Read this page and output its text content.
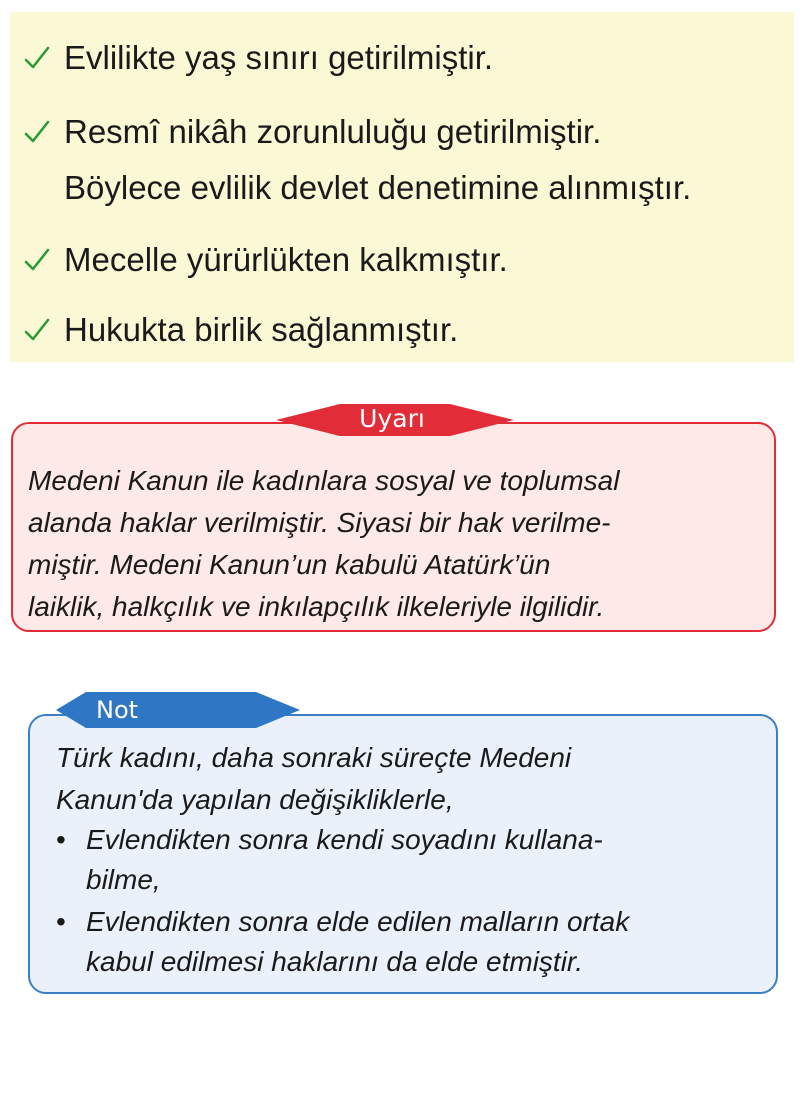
Evlilikte yaş sınırı getirilmiştir.
Resmî nikâh zorunluluğu getirilmiştir.
Böylece evlilik devlet denetimine alınmıştır.
Mecelle yürürlükten kalkmıştır.
Hukukta birlik sağlanmıştır.
Uyarı
Medeni Kanun ile kadınlara sosyal ve toplumsal
alanda haklar verilmiştir. Siyasi bir hak verilme-
miştir. Medeni Kanun’un kabulü Atatürk’ün
laiklik, halkçılık ve inkılapçılık ilkeleriyle ilgilidir.
Not
Türk kadını, daha sonraki süreçte Medeni
Kanun'da yapılan değişikliklerle,
• Evlendikten sonra kendi soyadını kullana-
bilme,
• Evlendikten sonra elde edilen malların ortak
kabul edilmesi haklarını da elde etmiştir.
